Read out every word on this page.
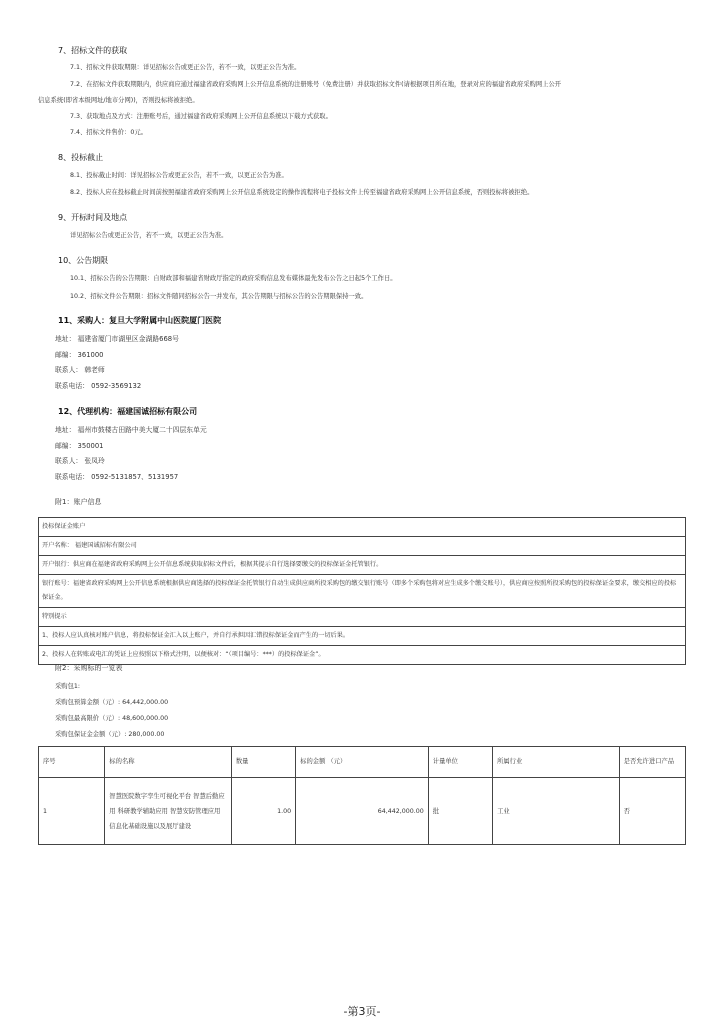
7、招标文件的获取
7.1、招标文件获取期限：详见招标公告或更正公告，若不一致，以更正公告为准。
7.2、在招标文件获取期限内，供应商应通过福建省政府采购网上公开信息系统的注册账号（免费注册）并获取招标文件(请根据项目所在地，登录对应的福建省政府采购网上公开
信息系统(即省本级网址/地市分网))，否则投标将被拒绝。
7.3、获取地点及方式：注册账号后，通过福建省政府采购网上公开信息系统以下载方式获取。
7.4、招标文件售价：0元。
8、投标截止
8.1、投标截止时间：详见招标公告或更正公告，若不一致，以更正公告为准。
8.2、投标人应在投标截止时间前按照福建省政府采购网上公开信息系统设定的操作流程将电子投标文件上传至福建省政府采购网上公开信息系统，否则投标将被拒绝。
9、开标时间及地点
详见招标公告或更正公告，若不一致，以更正公告为准。
10、公告期限
10.1、招标公告的公告期限：自财政部和福建省财政厅指定的政府采购信息发布媒体最先发布公告之日起5个工作日。
10.2、招标文件公告期限：招标文件随同招标公告一并发布，其公告期限与招标公告的公告期限保持一致。
11、采购人：复旦大学附属中山医院厦门医院
地址： 福建省厦门市湖里区金湖路668号
邮编： 361000
联系人： 韩老师
联系电话： 0592-3569132
12、代理机构：福建国诚招标有限公司
地址： 福州市鼓楼古田路中美大厦二十四层东单元
邮编： 350001
联系人： 张凤玲
联系电话： 0592-5131857、5131957
附1：账户信息
投标保证金账户
开户名称： 福建国诚招标有限公司
开户银行：供应商在福建省政府采购网上公开信息系统获取招标文件后，根据其提示自行选择要缴交的投标保证金托管银行。
银行账号：福建省政府采购网上公开信息系统根据供应商选择的投标保证金托管银行自动生成供应商所投采购包的缴交银行账号（即多个采购包将对应生成多个缴交账号），供应商应按照所投采购包的投标保证金要求，缴交相应的投标保证金。
特别提示
1、投标人应认真核对账户信息，将投标保证金汇入以上账户，并自行承担因汇错投标保证金而产生的一切后果。
2、投标人在转账或电汇的凭证上应按照以下格式注明，以便核对：“（项目编号：***）的投标保证金”。
附2：采购标的一览表
采购包1:
采购包预算金额（元）: 64,442,000.00
采购包最高限价（元）: 48,600,000.00
采购包保证金金额（元）: 280,000.00
序号	标的名称	数量	标的金额 （元）	计量单位	所属行业	是否允许进口产品
1	智慧医院数字孪生可视化平台 智慧后勤应用 科研教学辅助应用 智慧安防管理应用 信息化基础设施以及展厅建设	1.00	64,442,000.00	批	工业	否
-第3页-
